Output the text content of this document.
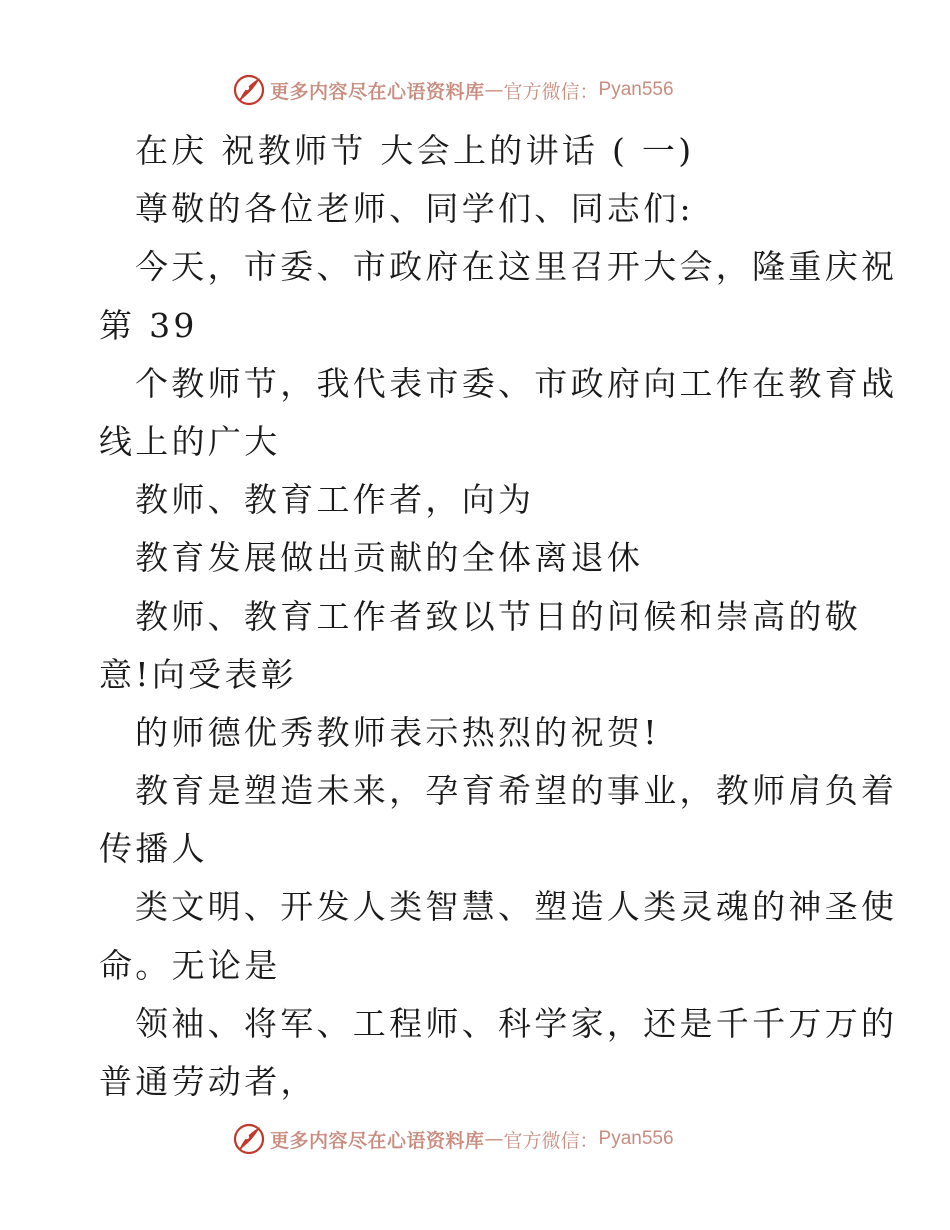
更多内容尽在心语资料库 — 官方微信： Pyan556
在庆 祝教师节 大会上的讲话 ( 一)
尊敬的各位老师、同学们、同志们:
今天，市委、市政府在这里召开大会，隆重庆祝
第 39
个教师节，我代表市委、市政府向工作在教育战
线上的广大
教师、教育工作者，向为
教育发展做出贡献的全体离退休
教师、教育工作者致以节日的问候和崇高的敬
意!向受表彰
的师德优秀教师表示热烈的祝贺!
教育是塑造未来，孕育希望的事业，教师肩负着
传播人
类文明、开发人类智慧、塑造人类灵魂的神圣使
命。无论是
领袖、将军、工程师、科学家，还是千千万万的
普通劳动者，
更多内容尽在心语资料库 — 官方微信： Pyan556
